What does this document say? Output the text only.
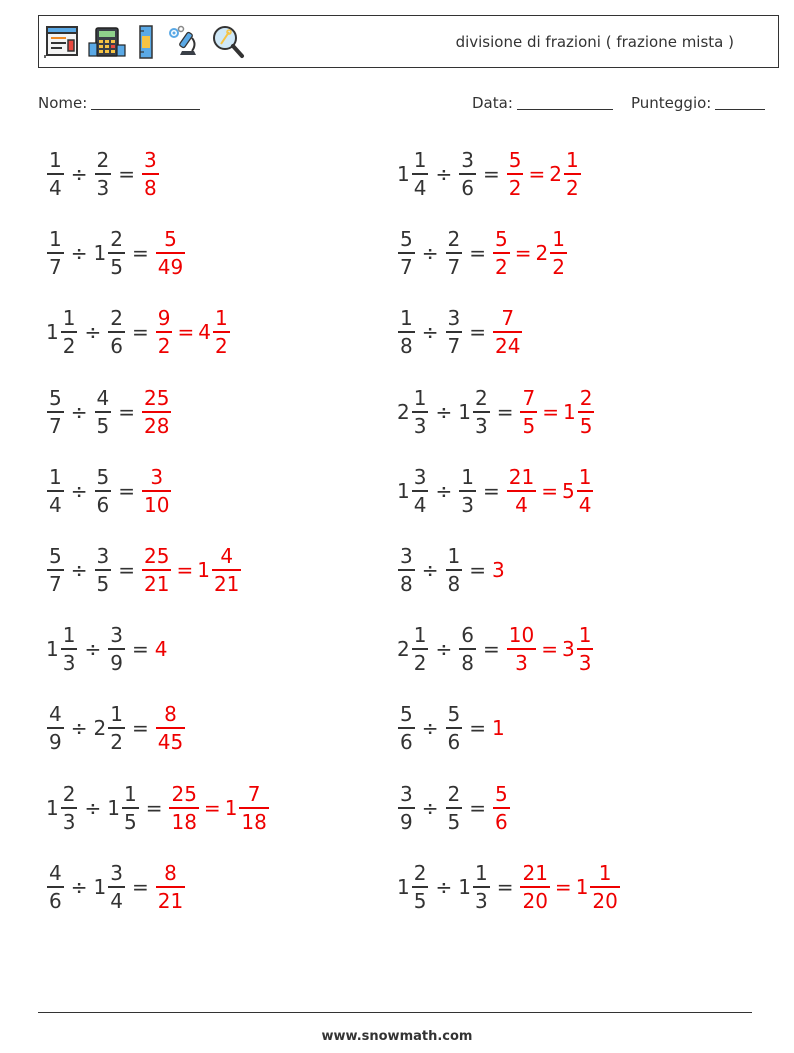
divisione di frazioni ( frazione mista )
Nome:	Data:	Punteggio:
$\frac{1}{4} \div \frac{2}{3} = \frac{3}{8}$	$1 \frac{1}{4} \div \frac{3}{6} = \frac{5}{2} = 2 \frac{1}{2}$
$\frac{1}{7} \div 1 \frac{2}{5} = \frac{5}{49}$	$\frac{5}{7} \div \frac{2}{7} = \frac{5}{2} = 2 \frac{1}{2}$
$1 \frac{1}{2} \div \frac{2}{6} = \frac{9}{2} = 4 \frac{1}{2}$	$\frac{1}{8} \div \frac{3}{7} = \frac{7}{24}$
$\frac{5}{7} \div \frac{4}{5} = \frac{25}{28}$	$2 \frac{1}{3} \div 1 \frac{2}{3} = \frac{7}{5} = 1 \frac{2}{5}$
$\frac{1}{4} \div \frac{5}{6} = \frac{3}{10}$	$1 \frac{3}{4} \div \frac{1}{3} = \frac{21}{4} = 5 \frac{1}{4}$
$\frac{5}{7} \div \frac{3}{5} = \frac{25}{21} = 1 \frac{4}{21}$	$\frac{3}{8} \div \frac{1}{8} = 3$
$1 \frac{1}{3} \div \frac{3}{9} = 4$	$2 \frac{1}{2} \div \frac{6}{8} = \frac{10}{3} = 3 \frac{1}{3}$
$\frac{4}{9} \div 2 \frac{1}{2} = \frac{8}{45}$	$\frac{5}{6} \div \frac{5}{6} = 1$
$1 \frac{2}{3} \div 1 \frac{1}{5} = \frac{25}{18} = 1 \frac{7}{18}$	$\frac{3}{9} \div \frac{2}{5} = \frac{5}{6}$
$\frac{4}{6} \div 1 \frac{3}{4} = \frac{8}{21}$	$1 \frac{2}{5} \div 1 \frac{1}{3} = \frac{21}{20} = 1 \frac{1}{20}$
www.snowmath.com
